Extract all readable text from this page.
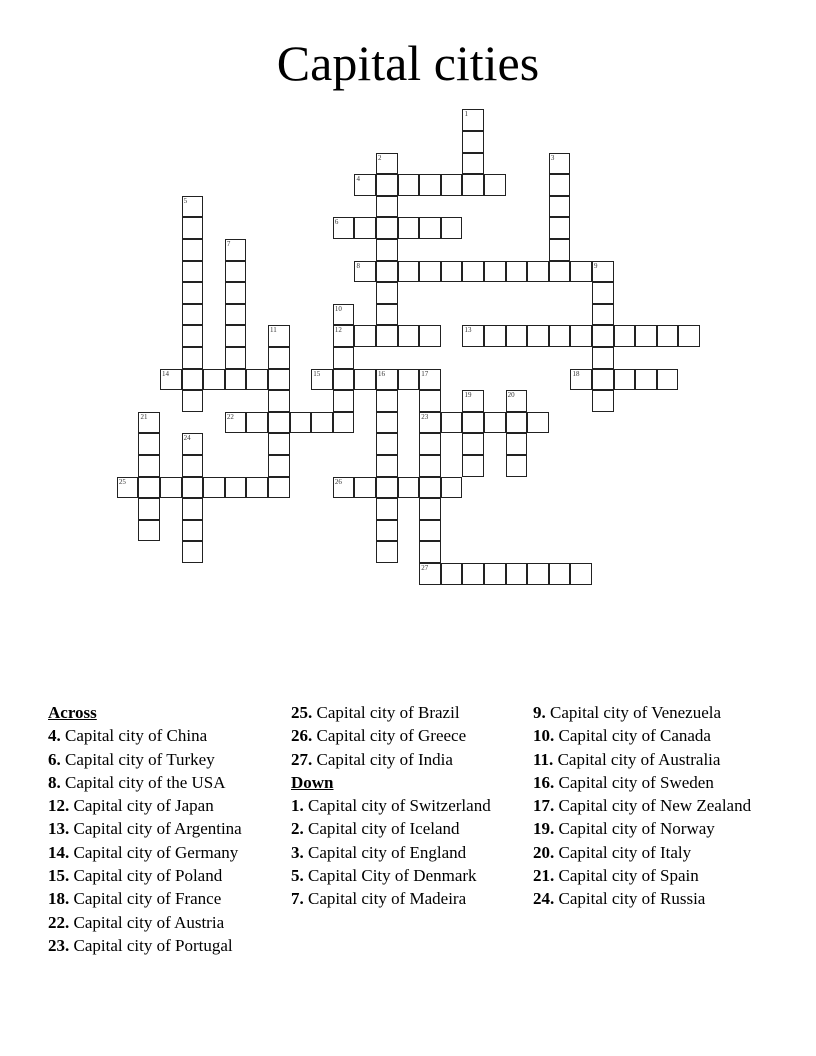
Capital cities
1
2	3
4
5
6
7
8	9
10
12
11	13
14	15	16	17
23
27
18
19	20
21	22
24
25	26
Across
4. Capital city of China
6. Capital city of Turkey
8. Capital city of the USA
12. Capital city of Japan
13. Capital city of Argentina
14. Capital city of Germany
15. Capital city of Poland
18. Capital city of France
22. Capital city of Austria
23. Capital city of Portugal
25. Capital city of Brazil
26. Capital city of Greece
27. Capital city of India
Down
1. Capital city of Switzerland
2. Capital city of Iceland
3. Capital city of England
5. Capital City of Denmark
7. Capital city of Madeira
9. Capital city of Venezuela
10. Capital city of Canada
11. Capital city of Australia
16. Capital city of Sweden
17. Capital city of New Zealand
19. Capital city of Norway
20. Capital city of Italy
21. Capital city of Spain
24. Capital city of Russia
